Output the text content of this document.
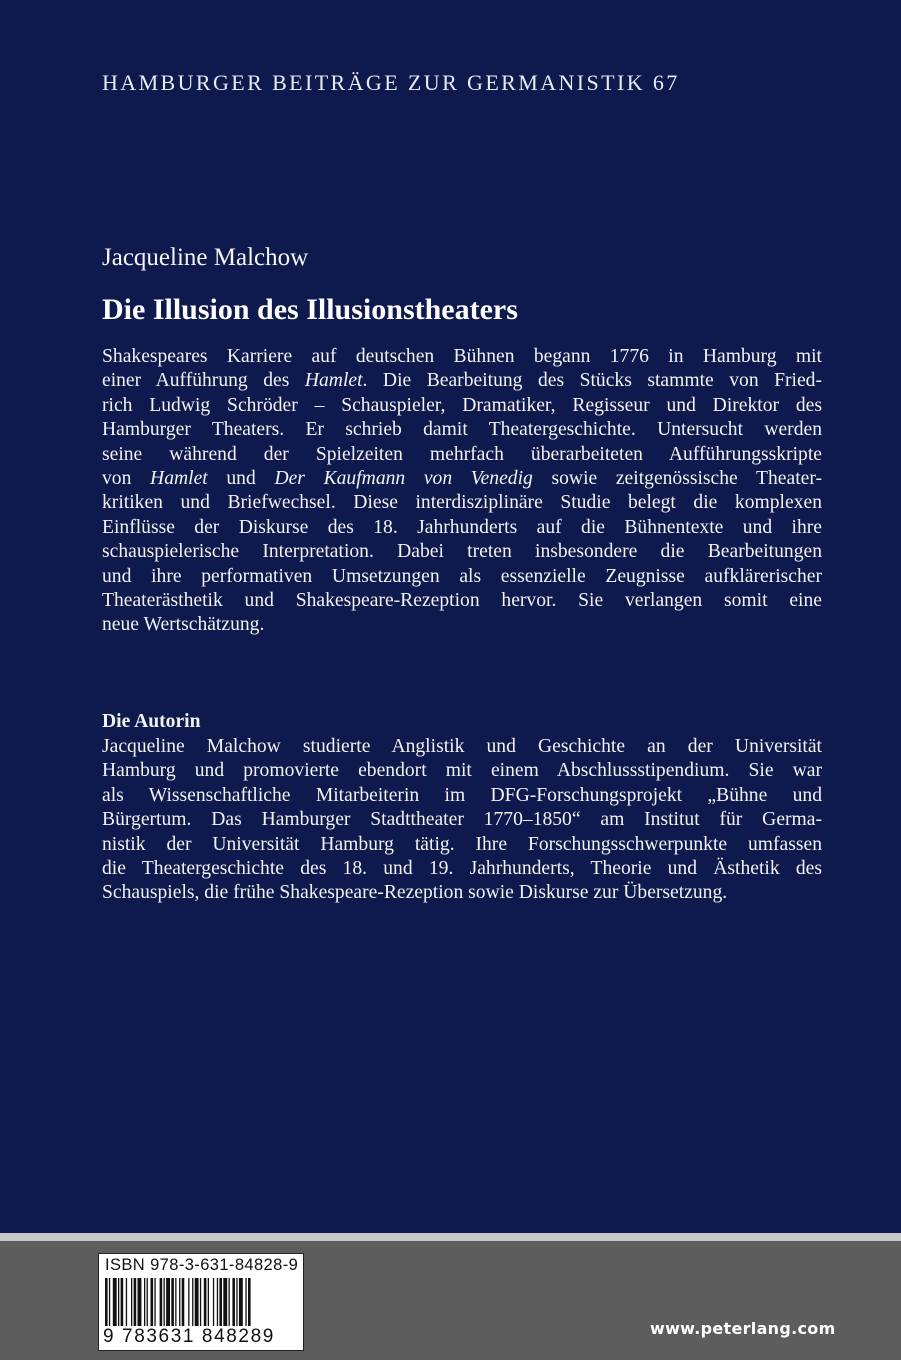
HAMBURGER BEITRÄGE ZUR GERMANISTIK 67
Jacqueline Malchow
Die Illusion des Illusionstheaters
Shakespeares Karriere auf deutschen Bühnen begann 1776 in Hamburg mit
einer Aufführung des Hamlet. Die Bearbeitung des Stücks stammte von Fried-
rich Ludwig Schröder – Schauspieler, Dramatiker, Regisseur und Direktor des
Hamburger Theaters. Er schrieb damit Theatergeschichte. Untersucht werden
seine während der Spielzeiten mehrfach überarbeiteten Aufführungsskripte
von Hamlet und Der Kaufmann von Venedig sowie zeitgenössische Theater-
kritiken und Briefwechsel. Diese interdisziplinäre Studie belegt die komplexen
Einflüsse der Diskurse des 18. Jahrhunderts auf die Bühnentexte und ihre
schauspielerische Interpretation. Dabei treten insbesondere die Bearbeitungen
und ihre performativen Umsetzungen als essenzielle Zeugnisse aufklärerischer
Theaterästhetik und Shakespeare-Rezeption hervor. Sie verlangen somit eine
neue Wertschätzung.
Die Autorin
Jacqueline Malchow studierte Anglistik und Geschichte an der Universität
Hamburg und promovierte ebendort mit einem Abschlussstipendium. Sie war
als Wissenschaftliche Mitarbeiterin im DFG-Forschungsprojekt „Bühne und
Bürgertum. Das Hamburger Stadttheater 1770–1850“ am Institut für Germa-
nistik der Universität Hamburg tätig. Ihre Forschungsschwerpunkte umfassen
die Theatergeschichte des 18. und 19. Jahrhunderts, Theorie und Ästhetik des
Schauspiels, die frühe Shakespeare-Rezeption sowie Diskurse zur Übersetzung.
ISBN 978-3-631-84828-9
9 783631 848289	www.peterlang.com
